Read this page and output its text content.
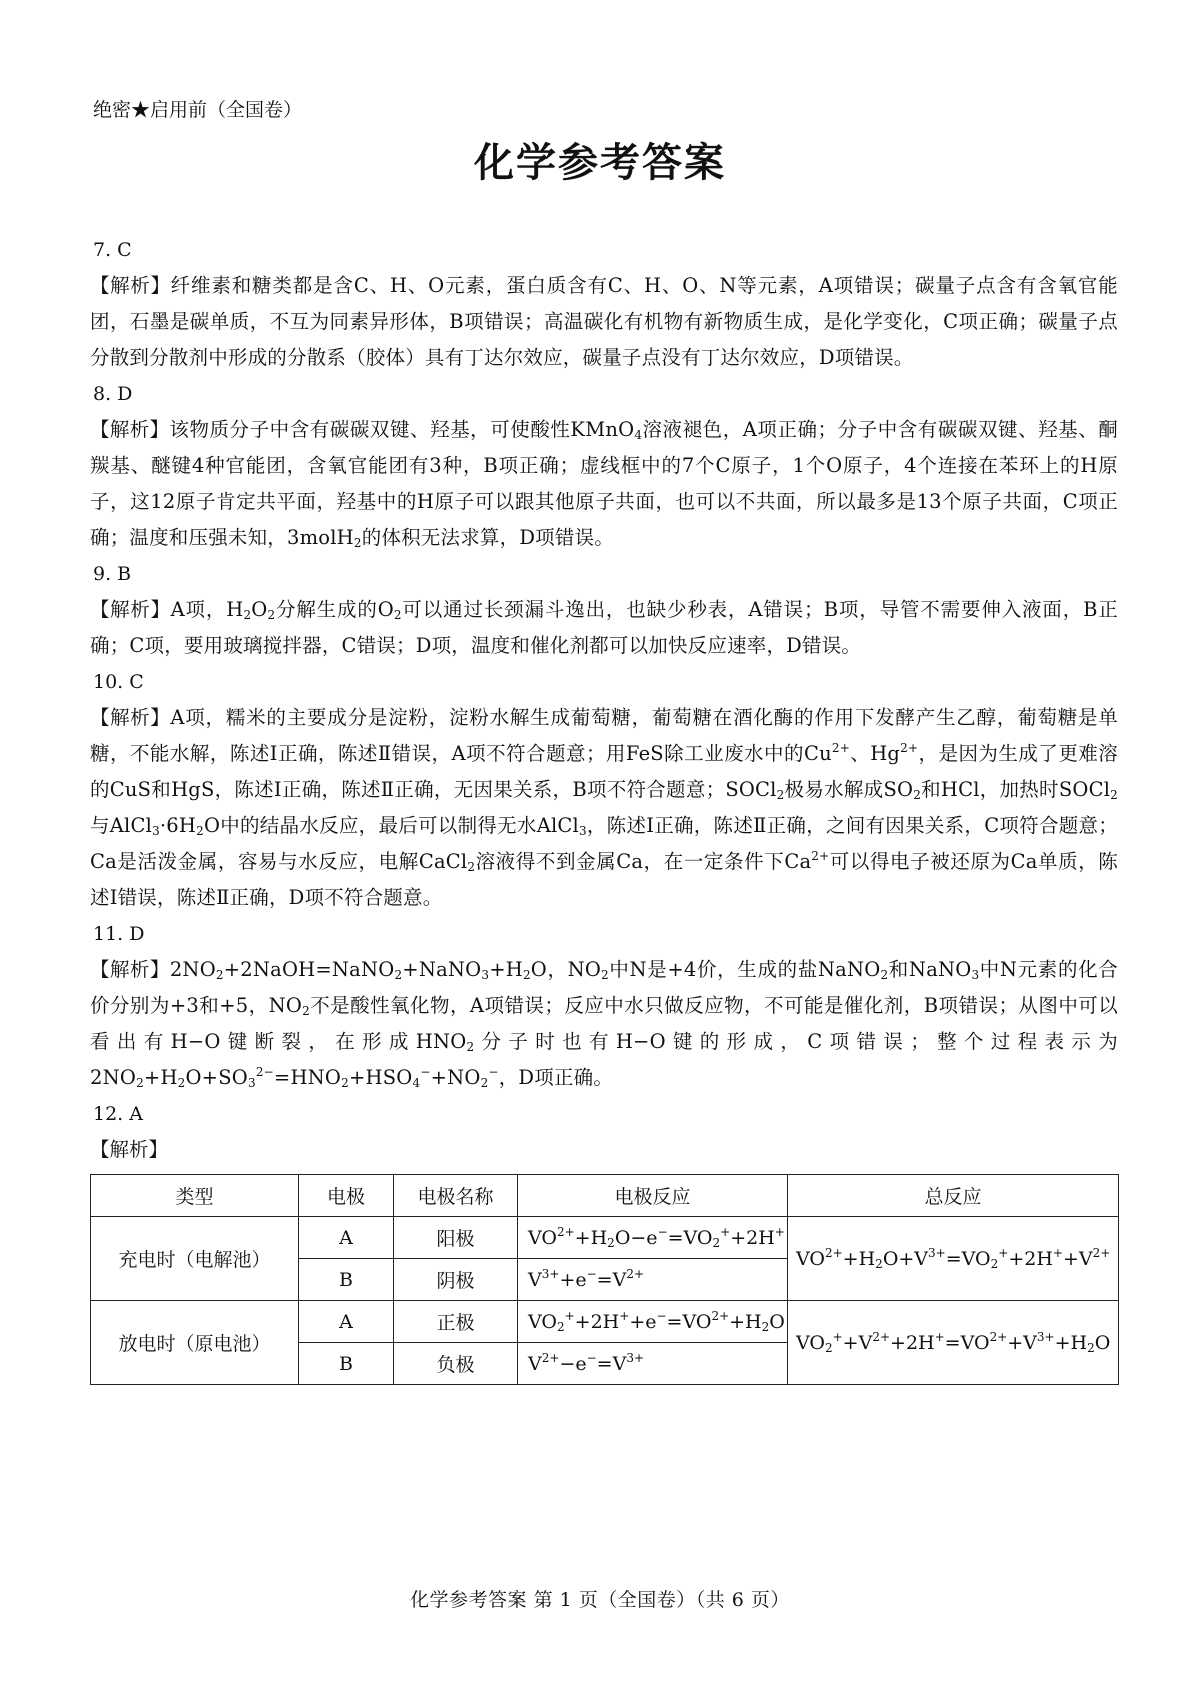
绝密★启用前（全国卷）
化学参考答案
7. C
【解析】纤维素和糖类都是含C、H、O元素，蛋白质含有C、H、O、N等元素，A项错误；碳量子点含有含氧官能团，石墨是碳单质，不互为同素异形体，B项错误；高温碳化有机物有新物质生成，是化学变化，C项正确；碳量子点分散到分散剂中形成的分散系（胶体）具有丁达尔效应，碳量子点没有丁达尔效应，D项错误。
8. D
【解析】该物质分子中含有碳碳双键、羟基，可使酸性KMnO$_4$溶液褪色，A项正确；分子中含有碳碳双键、羟基、酮羰基、醚键4种官能团，含氧官能团有3种，B项正确；虚线框中的7个C原子，1个O原子，4个连接在苯环上的H原子，这12原子肯定共平面，羟基中的H原子可以跟其他原子共面，也可以不共面，所以最多是13个原子共面，C项正确；温度和压强未知，3molH$_2$的体积无法求算，D项错误。
9. B
【解析】A项，$H_2O_2$分解生成的$O_2$可以通过长颈漏斗逸出，也缺少秒表，A错误；B项，导管不需要伸入液面，B正确；C项，要用玻璃搅拌器，C错误；D项，温度和催化剂都可以加快反应速率，D错误。
10. C
【解析】A项，糯米的主要成分是淀粉，淀粉水解生成葡萄糖，葡萄糖在酒化酶的作用下发酵产生乙醇，葡萄糖是单糖，不能水解，陈述Ⅰ正确，陈述Ⅱ错误，A项不符合题意；用FeS除工业废水中的$Cu^{2+}$、$Hg^{2+}$，是因为生成了更难溶的CuS和HgS，陈述Ⅰ正确，陈述Ⅱ正确，无因果关系，B项不符合题意；SOCl$_2$极易水解成$SO_2$和HCl，加热时SOCl$_2$与$AlCl_3\cdot 6H_2O$中的结晶水反应，最后可以制得无水AlCl$_3$，陈述Ⅰ正确，陈述Ⅱ正确，之间有因果关系，C项符合题意；Ca是活泼金属，容易与水反应，电解CaCl$_2$溶液得不到金属Ca，在一定条件下$Ca^{2+}$可以得电子被还原为Ca单质，陈述Ⅰ错误，陈述Ⅱ正确，D项不符合题意。
11. D
【解析】$2NO_2+2NaOH=NaNO_2+NaNO_3+H_2O$，$NO_2$中N是+4价，生成的盐NaNO$_2$和NaNO$_3$中N元素的化合价分别为+3和+5，$NO_2$不是酸性氧化物，A项错误；反应中水只做反应物，不可能是催化剂，B项错误；从图中可以看出有H−O键断裂，在形成$HNO_2$分子时也有H−O键的形成，C项错误；整个过程表示为$2NO_2+H_2O+SO_3^{2-}=HNO_2+HSO_4^-+NO_2^-$，D项正确。
12. A
【解析】
类型	电极	电极名称	电极反应	总反应
充电时（电解池）	A	阳极	$VO^{2+}+H_2O-e^-=VO_2^++2H^+$	$VO^{2+}+H_2O+V^{3+}=VO_2^++2H^++V^{2+}$
	B	阴极	$V^{3+}+e^-=V^{2+}$
放电时（原电池）	A	正极	$VO_2^++2H^++e^-=VO^{2+}+H_2O$	$VO_2^++V^{2+}+2H^+=VO^{2+}+V^{3+}+H_2O$
	B	负极	$V^{2+}-e^-=V^{3+}$
化学参考答案 第 1 页（全国卷）（共 6 页）
